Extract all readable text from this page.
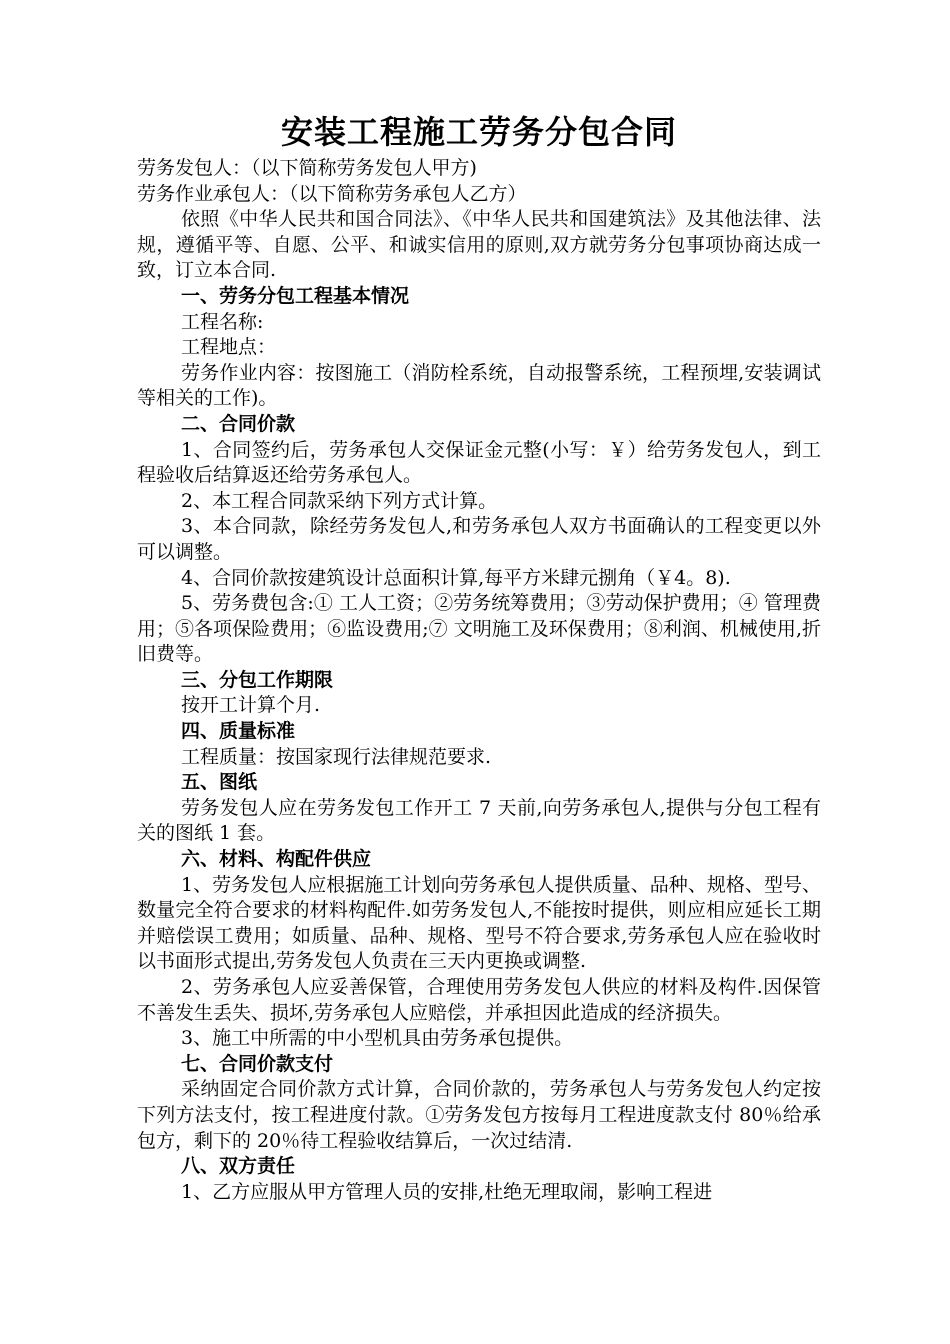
安装工程施工劳务分包合同

劳务发包人：（以下简称劳务发包人甲方)

劳务作业承包人：（以下简称劳务承包人乙方）

依照《中华人民共和国合同法》、《中华人民共和国建筑法》及其他法律、法规，遵循平等、自愿、公平、和诚实信用的原则,双方就劳务分包事项协商达成一致，订立本合同.

一、劳务分包工程基本情况

工程名称:

工程地点：

劳务作业内容：按图施工（消防栓系统，自动报警系统，工程预埋,安装调试等相关的工作)。

二、合同价款

1、合同签约后，劳务承包人交保证金元整(小写：￥）给劳务发包人，到工程验收后结算返还给劳务承包人。

2、本工程合同款采纳下列方式计算。

3、本合同款，除经劳务发包人,和劳务承包人双方书面确认的工程变更以外可以调整。

4、合同价款按建筑设计总面积计算,每平方米肆元捌角（￥4。8).

5、劳务费包含:① 工人工资；②劳务统筹费用；③劳动保护费用；④ 管理费用；⑤各项保险费用；⑥监设费用;⑦ 文明施工及环保费用；⑧利润、机械使用,折旧费等。

三、分包工作期限

按开工计算个月.

四、质量标准

工程质量：按国家现行法律规范要求.

五、图纸

劳务发包人应在劳务发包工作开工 7 天前,向劳务承包人,提供与分包工程有关的图纸 1 套。

六、材料、构配件供应

1、劳务发包人应根据施工计划向劳务承包人提供质量、品种、规格、型号、数量完全符合要求的材料构配件.如劳务发包人,不能按时提供，则应相应延长工期并赔偿误工费用；如质量、品种、规格、型号不符合要求,劳务承包人应在验收时以书面形式提出,劳务发包人负责在三天内更换或调整.

2、劳务承包人应妥善保管，合理使用劳务发包人供应的材料及构件.因保管不善发生丢失、损坏,劳务承包人应赔偿，并承担因此造成的经济损失。

3、施工中所需的中小型机具由劳务承包提供。

七、合同价款支付

采纳固定合同价款方式计算，合同价款的，劳务承包人与劳务发包人约定按下列方法支付，按工程进度付款。①劳务发包方按每月工程进度款支付 80％给承包方，剩下的 20％待工程验收结算后，一次过结清.

八、双方责任

1、乙方应服从甲方管理人员的安排,杜绝无理取闹，影响工程进
